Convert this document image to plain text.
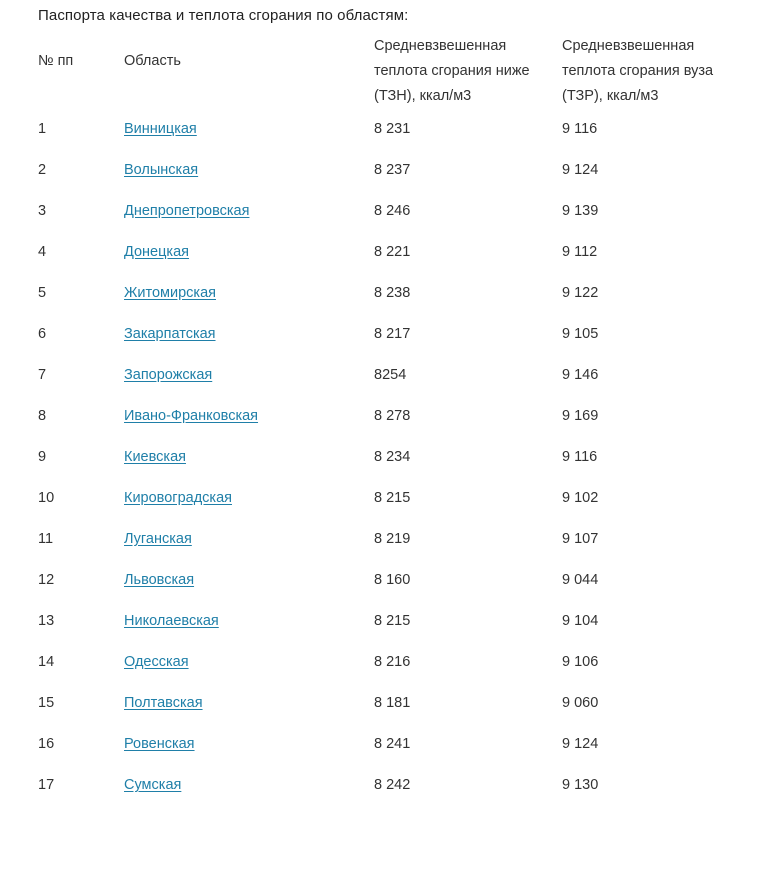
Паспорта качества и теплота сгорания по областям:

№ пп	Область	Средневзвешенная теплота сгорания ниже (ТЗН), ккал/м3	Средневзвешенная теплота сгорания вуза (ТЗР), ккал/м3
1	Винницкая	8 231	9 116
2	Волынская	8 237	9 124
3	Днепропетровская	8 246	9 139
4	Донецкая	8 221	9 112
5	Житомирская	8 238	9 122
6	Закарпатская	8 217	9 105
7	Запорожская	8254	9 146
8	Ивано-Франковская	8 278	9 169
9	Киевская	8 234	9 116
10	Кировоградская	8 215	9 102
11	Луганская	8 219	9 107
12	Львовская	8 160	9 044
13	Николаевская	8 215	9 104
14	Одесская	8 216	9 106
15	Полтавская	8 181	9 060
16	Ровенская	8 241	9 124
17	Сумская	8 242	9 130
